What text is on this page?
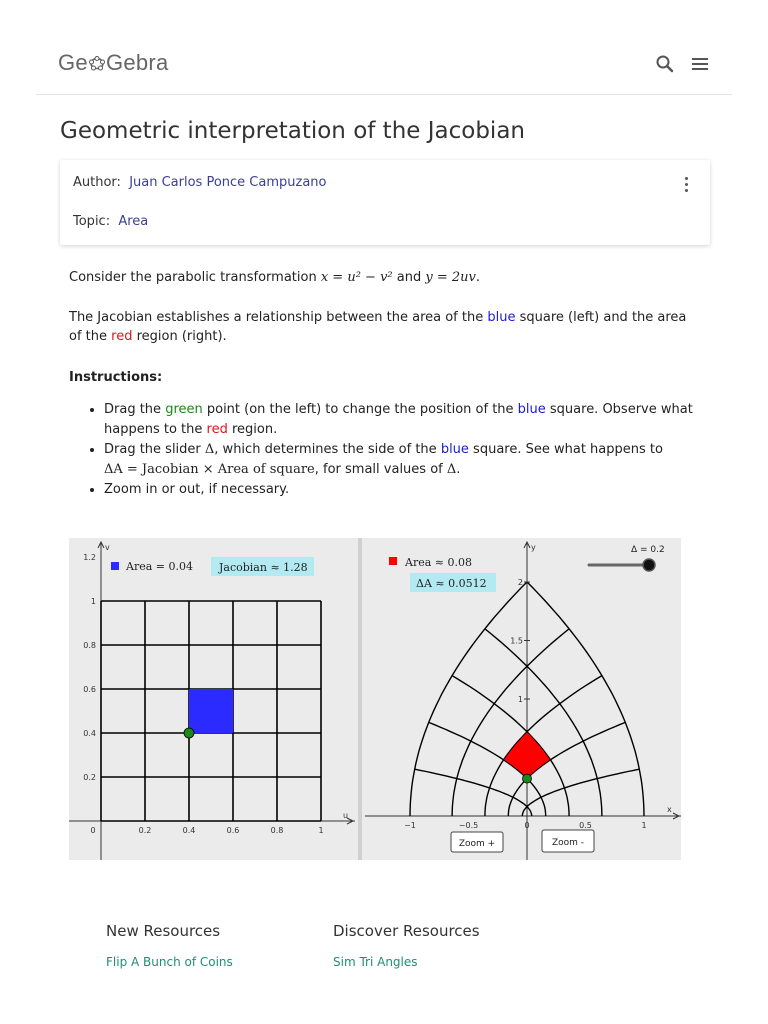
Ge Gebra
Geometric interpretation of the Jacobian
Author: Juan Carlos Ponce Campuzano
Topic: Area
Consider the parabolic transformation x = u² − v² and y = 2uv.
The Jacobian establishes a relationship between the area of the blue square (left) and the area of the red region (right).
Instructions:
• Drag the green point (on the left) to change the position of the blue square. Observe what happens to the red region.
• Drag the slider Δ, which determines the side of the blue square. See what happens to
ΔA = Jacobian × Area of square, for small values of Δ.
• Zoom in or out, if necessary.
v
u
0	0.2	0.4	0.6	0.8	1
0.2
0.4
0.6
0.8
1
1.2
Area = 0.04 Jacobian ≈ 1.28
y
x
−1	−0.5	0	0.5	1
1
1.5
2
Area ≈ 0.08
ΔA ≈ 0.0512
Δ = 0.2
Zoom +	Zoom -
New Resources
Flip A Bunch of Coins
Discover Resources
Sim Tri Angles
